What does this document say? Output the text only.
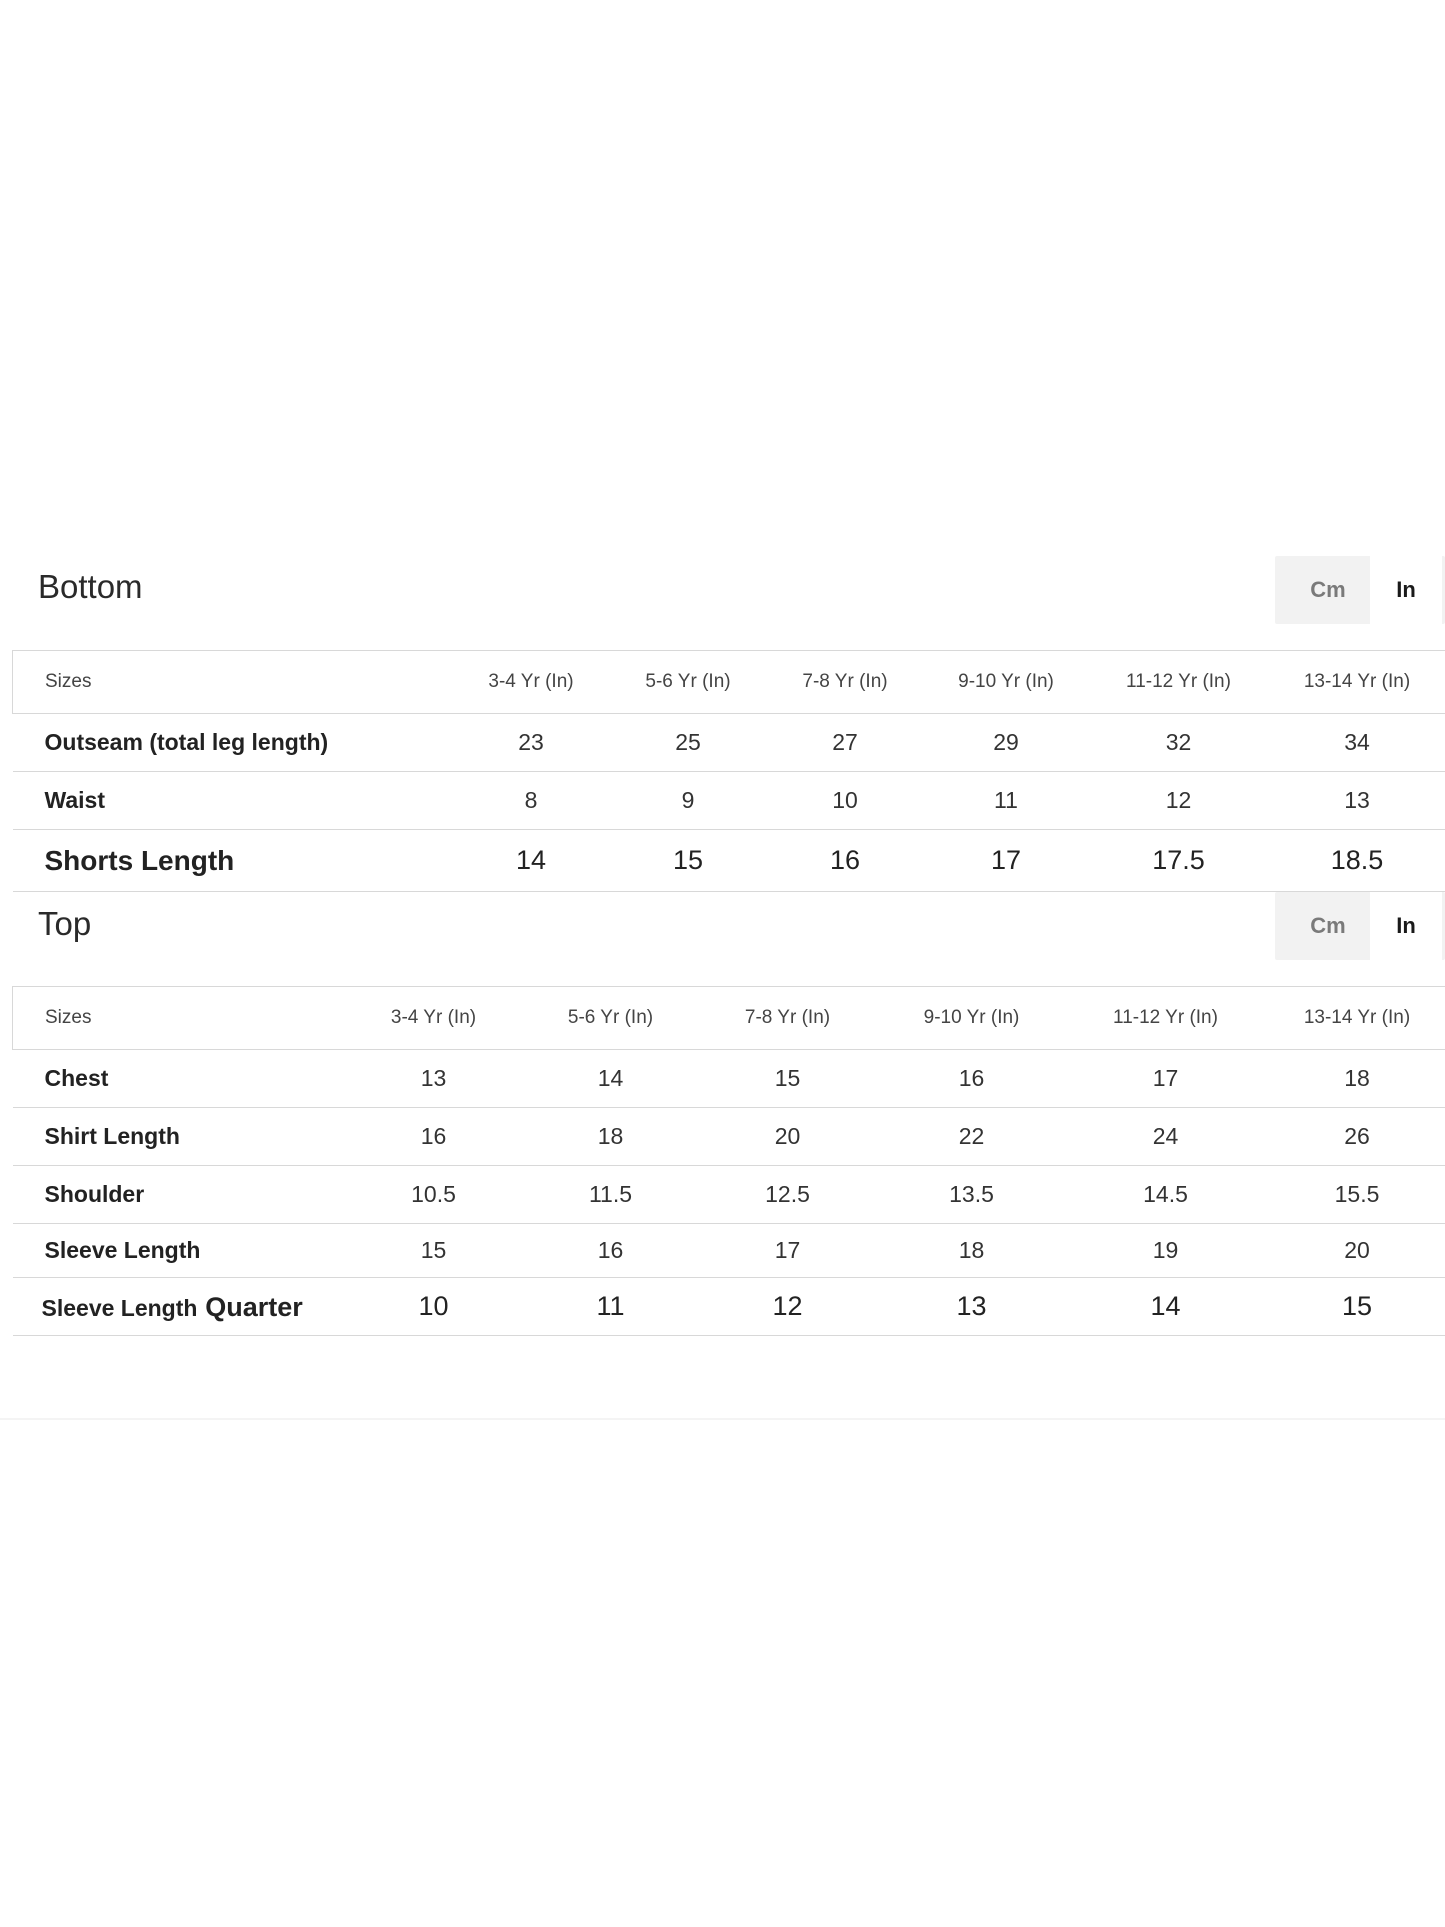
Bottom	Cm	In
Sizes	3-4 Yr (In)	5-6 Yr (In)	7-8 Yr (In)	9-10 Yr (In)	11-12 Yr (In)	13-14 Yr (In)
Outseam (total leg length)	23	25	27	29	32	34
Waist	8	9	10	11	12	13
Shorts Length	14	15	16	17	17.5	18.5
Top	Cm	In
Sizes	3-4 Yr (In)	5-6 Yr (In)	7-8 Yr (In)	9-10 Yr (In)	11-12 Yr (In)	13-14 Yr (In)
Chest	13	14	15	16	17	18
Shirt Length	16	18	20	22	24	26
Shoulder	10.5	11.5	12.5	13.5	14.5	15.5
Sleeve Length	15	16	17	18	19	20
Sleeve Length Quarter	10	11	12	13	14	15
